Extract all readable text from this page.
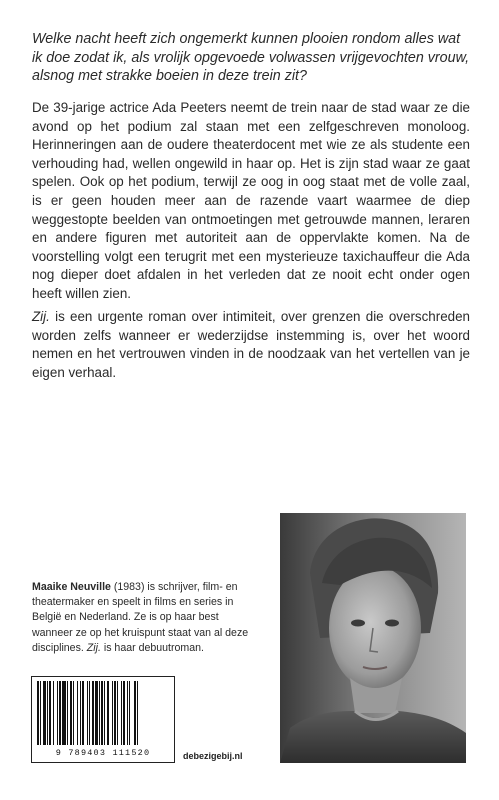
Welke nacht heeft zich ongemerkt kunnen plooien rondom alles wat ik doe zodat ik, als vrolijk opgevoede volwassen vrijgevochten vrouw, alsnog met strakke boeien in deze trein zit?

De 39-jarige actrice Ada Peeters neemt de trein naar de stad waar ze die avond op het podium zal staan met een zelfgeschreven monoloog. Herinneringen aan de oudere theaterdocent met wie ze als studente een verhouding had, wellen ongewild in haar op. Het is zijn stad waar ze gaat spelen. Ook op het podium, terwijl ze oog in oog staat met de volle zaal, is er geen houden meer aan de razende vaart waarmee de diep weggestopte beelden van ontmoetingen met getrouwde mannen, leraren en andere figuren met autoriteit aan de oppervlakte komen. Na de voorstelling volgt een terugrit met een mysterieuze taxichauffeur die Ada nog dieper doet afdalen in het verleden dat ze nooit echt onder ogen heeft willen zien.

Zij. is een urgente roman over intimiteit, over grenzen die overschreden worden zelfs wanneer er wederzijdse instemming is, over het woord nemen en het vertrouwen vinden in de noodzaak van het vertellen van je eigen verhaal.

Maaike Neuville (1983) is schrijver, film- en theatermaker en speelt in films en series in België en Nederland. Ze is op haar best wanneer ze op het kruispunt staat van al deze disciplines. Zij. is haar debuutroman.

9 789403 111520	debezigebij.nl
